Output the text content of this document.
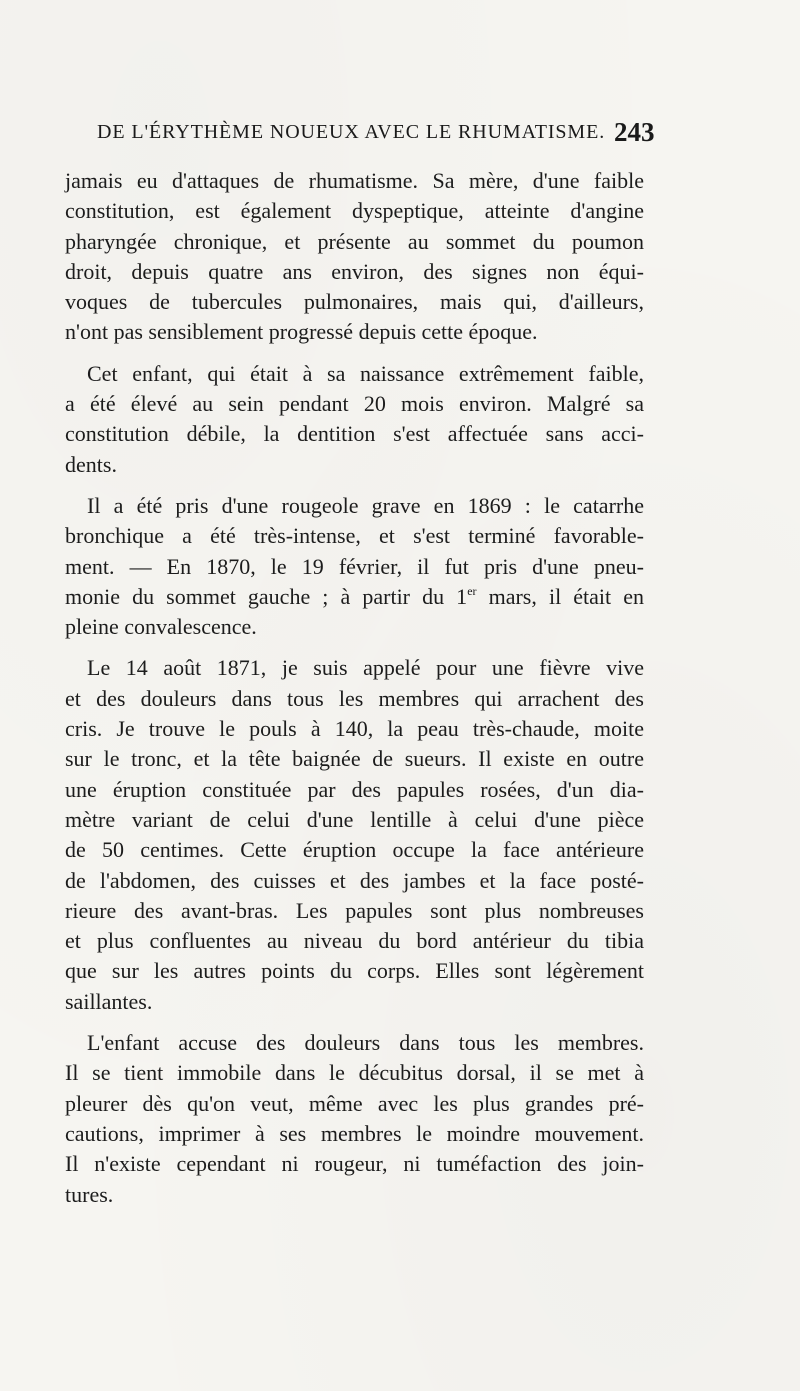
DE L'ÉRYTHÈME NOUEUX AVEC LE RHUMATISME. 243
jamais eu d'attaques de rhumatisme. Sa mère, d'une faible
constitution, est également dyspeptique, atteinte d'angine
pharyngée chronique, et présente au sommet du poumon
droit, depuis quatre ans environ, des signes non équi-
voques de tubercules pulmonaires, mais qui, d'ailleurs,
n'ont pas sensiblement progressé depuis cette époque.
Cet enfant, qui était à sa naissance extrêmement faible,
a été élevé au sein pendant 20 mois environ. Malgré sa
constitution débile, la dentition s'est affectuée sans acci-
dents.
Il a été pris d'une rougeole grave en 1869 : le catarrhe
bronchique a été très-intense, et s'est terminé favorable-
ment. — En 1870, le 19 février, il fut pris d'une pneu-
monie du sommet gauche ; à partir du 1er mars, il était en
pleine convalescence.
Le 14 août 1871, je suis appelé pour une fièvre vive
et des douleurs dans tous les membres qui arrachent des
cris. Je trouve le pouls à 140, la peau très-chaude, moite
sur le tronc, et la tête baignée de sueurs. Il existe en outre
une éruption constituée par des papules rosées, d'un dia-
mètre variant de celui d'une lentille à celui d'une pièce
de 50 centimes. Cette éruption occupe la face antérieure
de l'abdomen, des cuisses et des jambes et la face posté-
rieure des avant-bras. Les papules sont plus nombreuses
et plus confluentes au niveau du bord antérieur du tibia
que sur les autres points du corps. Elles sont légèrement
saillantes.
L'enfant accuse des douleurs dans tous les membres.
Il se tient immobile dans le décubitus dorsal, il se met à
pleurer dès qu'on veut, même avec les plus grandes pré-
cautions, imprimer à ses membres le moindre mouvement.
Il n'existe cependant ni rougeur, ni tuméfaction des join-
tures.
